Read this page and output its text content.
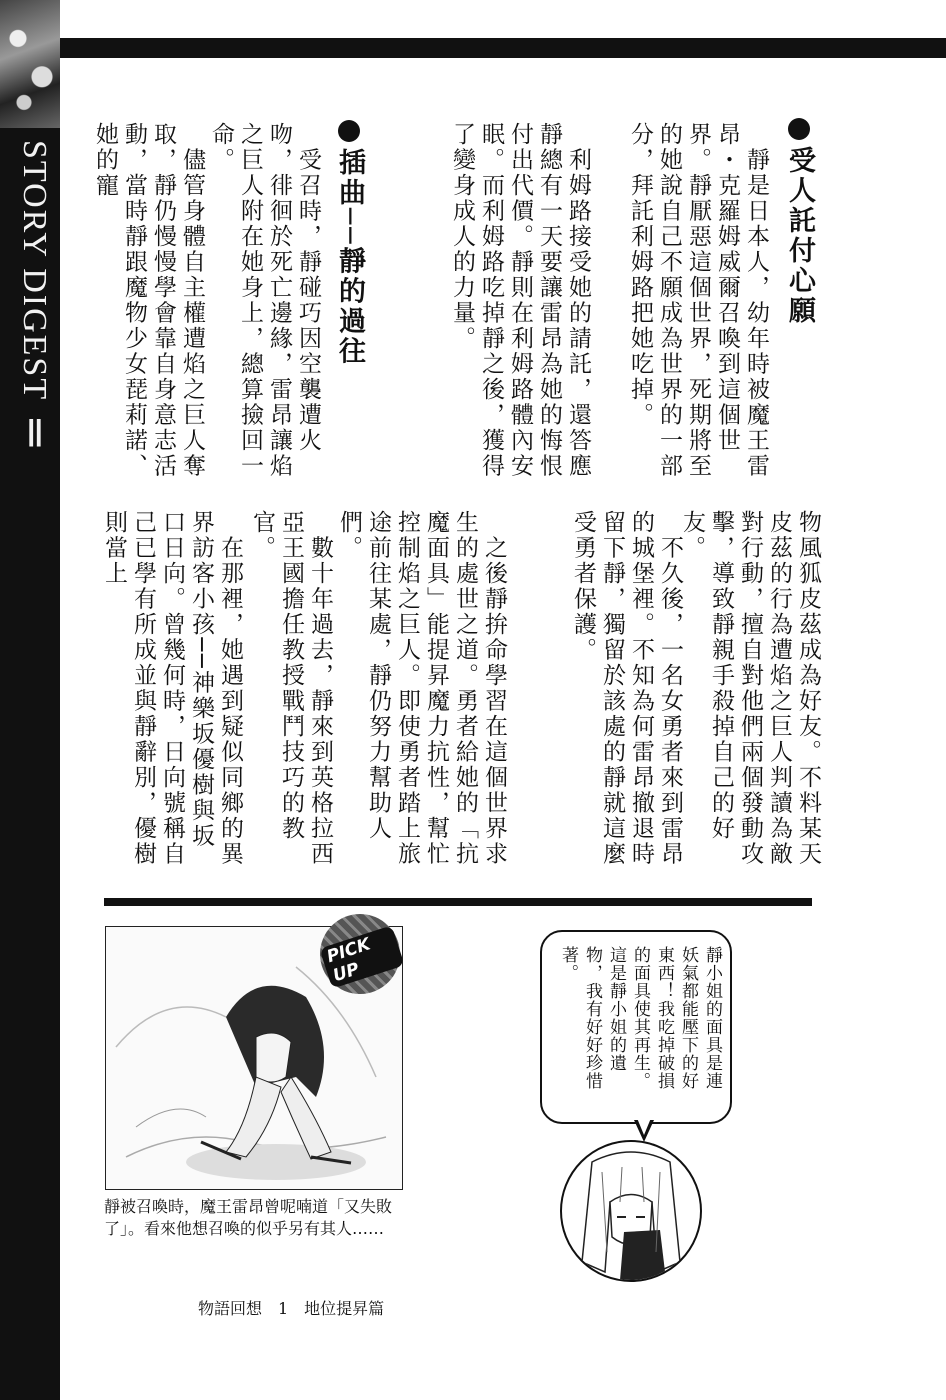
STORY DIGEST Ⅱ
受人託付心願
　靜是日本人，幼年時被魔王雷昂・克羅姆威爾召喚到這個世界。靜厭惡這個世界，死期將至的她說自己不願成為世界的一部分，拜託利姆路把她吃掉。
　利姆路接受她的請託，還答應靜總有一天要讓雷昂為她的悔恨付出代價。靜則在利姆路體內安眠。而利姆路吃掉靜之後，獲得了變身成人的力量。
插曲──靜的過往
　受召時，靜碰巧因空襲遭火吻，徘徊於死亡邊緣，雷昂讓焰之巨人附在她身上，總算撿回一命。
　儘管身體自主權遭焰之巨人奪取，靜仍慢慢學會靠自身意志活動，當時靜跟魔物少女琵莉諾、她的寵
物風狐皮茲成為好友。不料某天皮茲的行為遭焰之巨人判讀為敵對行動，擅自對他們兩個發動攻擊，導致靜親手殺掉自己的好友。
　不久後，一名女勇者來到雷昂的城堡裡。不知為何雷昂撤退時留下靜，獨留於該處的靜就這麼受勇者保護。
　之後靜拚命學習在這個世界求生的處世之道。勇者給她的「抗魔面具」能提昇魔力抗性，幫忙控制焰之巨人。即使勇者踏上旅途前往某處，靜仍努力幫助人們。
　數十年過去，靜來到英格拉西亞王國擔任教授戰鬥技巧的教官。
　在那裡，她遇到疑似同鄉的異界訪客小孩──神樂坂優樹與坂口日向。曾幾何時，日向號稱自己已學有所成並與靜辭別，優樹則當上
PICK UP
靜被召喚時，魔王雷昂曾呢喃道「又失敗了」。看來他想召喚的似乎另有其人……
靜小姐的面具是連妖氣都能壓下的好東西！我吃掉破損的面具使其再生。這是靜小姐的遺物，我有好好珍惜著。
物語回想　1　地位提昇篇
